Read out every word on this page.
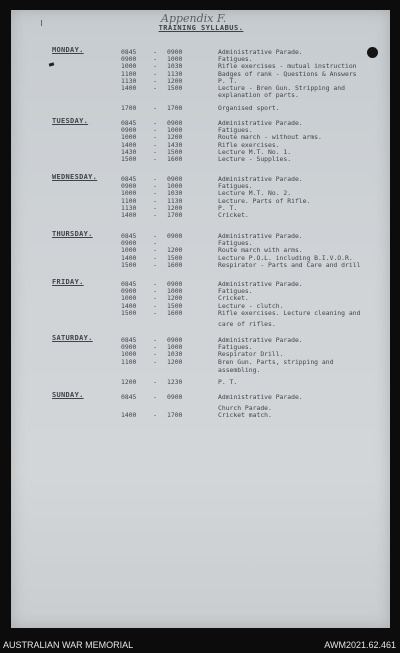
Appendix F.
TRAINING SYLLABUS.
MONDAY.	0845	-	0900	Administrative Parade.
0900	-	1000	Fatigues.
1000	-	1030	Rifle exercises - mutual instruction
1100	-	1130	Badges of rank - Questions & Answers
1130	-	1200	P. T.
1400	-	1500	Lecture - Bren Gun. Stripping and
explanation of parts.
1700	-	1700	Organised sport.
TUESDAY.	0845	-	0900	Administrative Parade.
0900	-	1000	Fatigues.
1000	-	1200	Route march - without arms.
1400	-	1430	Rifle exercises.
1430	-	1500	Lecture M.T. No. 1.
1500	-	1600	Lecture - Supplies.
WEDNESDAY.	0845	-	0900	Administrative Parade.
0900	-	1000	Fatigues.
1000	-	1030	Lecture M.T. No. 2.
1100	-	1130	Lecture. Parts of Rifle.
1130	-	1200	P. T.
1400	-	1700	Cricket.
THURSDAY.	0845	-	0900	Administrative Parade.
0900	-	Fatigues.
1000	-	1200	Route march with arms.
1400	-	1500	Lecture P.O.L. including B.I.V.O.R.
1500	-	1600	Respirator - Parts and Care and drill
FRIDAY.	0845	-	0900	Administrative Parade.
0900	-	1000	Fatigues.
1000	-	1200	Cricket.
1400	-	1500	Lecture - clutch.
1500	-	1600	Rifle exercises. Lecture cleaning and
care of rifles.
SATURDAY.	0845	-	0900	Administrative Parade.
0900	-	1000	Fatigues.
1000	-	1030	Respirator Drill.
1100	-	1200	Bren Gun. Parts, stripping and
assembling.
1200	-	1230	P. T.
SUNDAY.	0845	-	0900	Administrative Parade.
Church Parade.
1400	-	1700	Cricket match.
AUSTRALIAN WAR MEMORIAL	AWM2021.62.461
